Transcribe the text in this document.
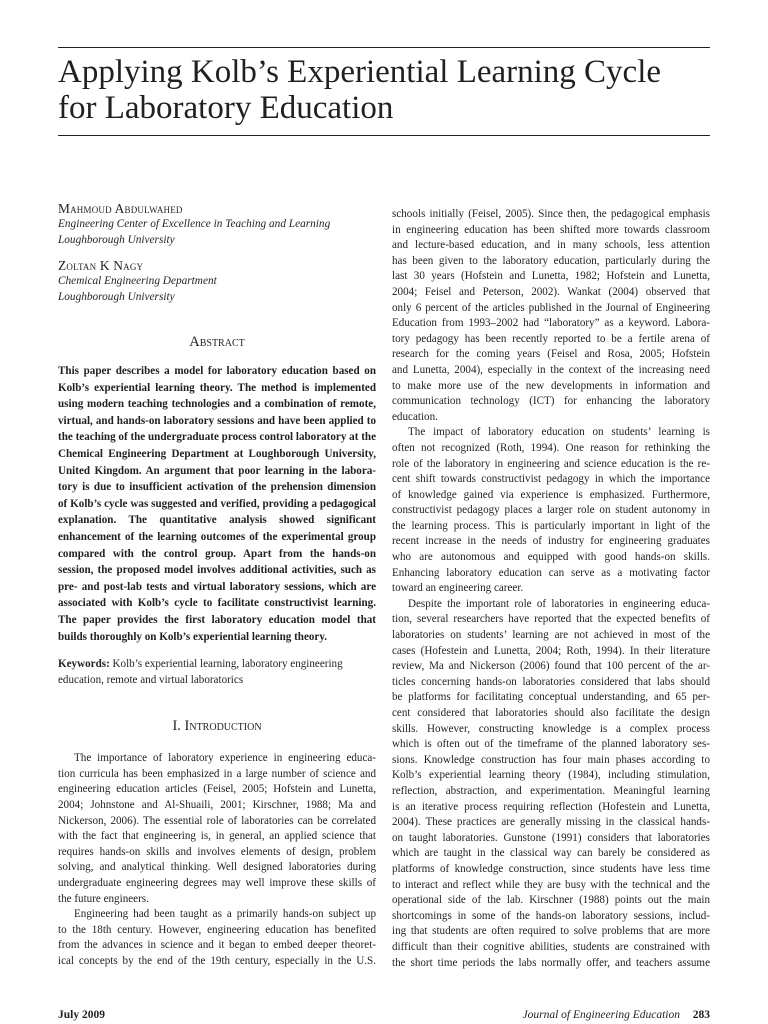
Applying Kolb’s Experiential Learning Cycle
for Laboratory Education

Mahmoud Abdulwahed

Engineering Center of Excellence in Teaching and Learning

Loughborough University

Zoltan K Nagy

Chemical Engineering Department

Loughborough University

Abstract
This paper describes a model for laboratory education based on
Kolb’s experiential learning theory. The method is implemented
using modern teaching technologies and a combination of remote,
virtual, and hands-on laboratory sessions and have been applied to
the teaching of the undergraduate process control laboratory at the
Chemical Engineering Department at Loughborough University,
United Kingdom. An argument that poor learning in the labora-
tory is due to insufficient activation of the prehension dimension
of Kolb’s cycle was suggested and verified, providing a pedagogical
explanation. The quantitative analysis showed significant
enhancement of the learning outcomes of the experimental group
compared with the control group. Apart from the hands-on
session, the proposed model involves additional activities, such as
pre- and post-lab tests and virtual laboratory sessions, which are
associated with Kolb’s cycle to facilitate constructivist learning.
The paper provides the first laboratory education model that
builds thoroughly on Kolb’s experiential learning theory.
Keywords: Kolb’s experiential learning, laboratory engineering
education, remote and virtual laboratorics
I. Introduction
The importance of laboratory experience in engineering educa-
tion curricula has been emphasized in a large number of science and
engineering education articles (Feisel, 2005; Hofstein and Lunetta,
2004; Johnstone and Al-Shuaili, 2001; Kirschner, 1988; Ma and
Nickerson, 2006). The essential role of laboratories can be correlated
with the fact that engineering is, in general, an applied science that
requires hands-on skills and involves elements of design, problem
solving, and analytical thinking. Well designed laboratories during
undergraduate engineering degrees may well improve these skills of
the future engineers.
Engineering had been taught as a primarily hands-on subject up
to the 18th century. However, engineering education has benefited
from the advances in science and it began to embed deeper theoret-
ical concepts by the end of the 19th century, especially in the U.S.
schools initially (Feisel, 2005). Since then, the pedagogical emphasis
in engineering education has been shifted more towards classroom
and lecture-based education, and in many schools, less attention
has been given to the laboratory education, particularly during the
last 30 years (Hofstein and Lunetta, 1982; Hofstein and Lunetta,
2004; Feisel and Peterson, 2002). Wankat (2004) observed that
only 6 percent of the articles published in the Journal of Engineering
Education from 1993–2002 had “laboratory” as a keyword. Labora-
tory pedagogy has been recently reported to be a fertile arena of
research for the coming years (Feisel and Rosa, 2005; Hofstein
and Lunetta, 2004), especially in the context of the increasing need
to make more use of the new developments in information and
communication technology (ICT) for enhancing the laboratory
education.
The impact of laboratory education on students’ learning is
often not recognized (Roth, 1994). One reason for rethinking the
role of the laboratory in engineering and science education is the re-
cent shift towards constructivist pedagogy in which the importance
of knowledge gained via experience is emphasized. Furthermore,
constructivist pedagogy places a larger role on student autonomy in
the learning process. This is particularly important in light of the
recent increase in the needs of industry for engineering graduates
who are autonomous and equipped with good hands-on skills.
Enhancing laboratory education can serve as a motivating factor
toward an engineering career.
Despite the important role of laboratories in engineering educa-
tion, several researchers have reported that the expected benefits of
laboratories on students’ learning are not achieved in most of the
cases (Hofestein and Lunetta, 2004; Roth, 1994). In their literature
review, Ma and Nickerson (2006) found that 100 percent of the ar-
ticles concerning hands-on laboratories considered that labs should
be platforms for facilitating conceptual understanding, and 65 per-
cent considered that laboratories should also facilitate the design
skills. However, constructing knowledge is a complex process
which is often out of the timeframe of the planned laboratory ses-
sions. Knowledge construction has four main phases according to
Kolb’s experiential learning theory (1984), including stimulation,
reflection, abstraction, and experimentation. Meaningful learning
is an iterative process requiring reflection (Hofestein and Lunetta,
2004). These practices are generally missing in the classical hands-
on taught laboratories. Gunstone (1991) considers that laboratories
which are taught in the classical way can barely be considered as
platforms of knowledge construction, since students have less time
to interact and reflect while they are busy with the technical and the
operational side of the lab. Kirschner (1988) points out the main
shortcomings in some of the hands-on laboratory sessions, includ-
ing that students are often required to solve problems that are more
difficult than their cognitive abilities, students are constrained with
the short time periods the labs normally offer, and teachers assume
July 2009	Journal of Engineering Education 283
